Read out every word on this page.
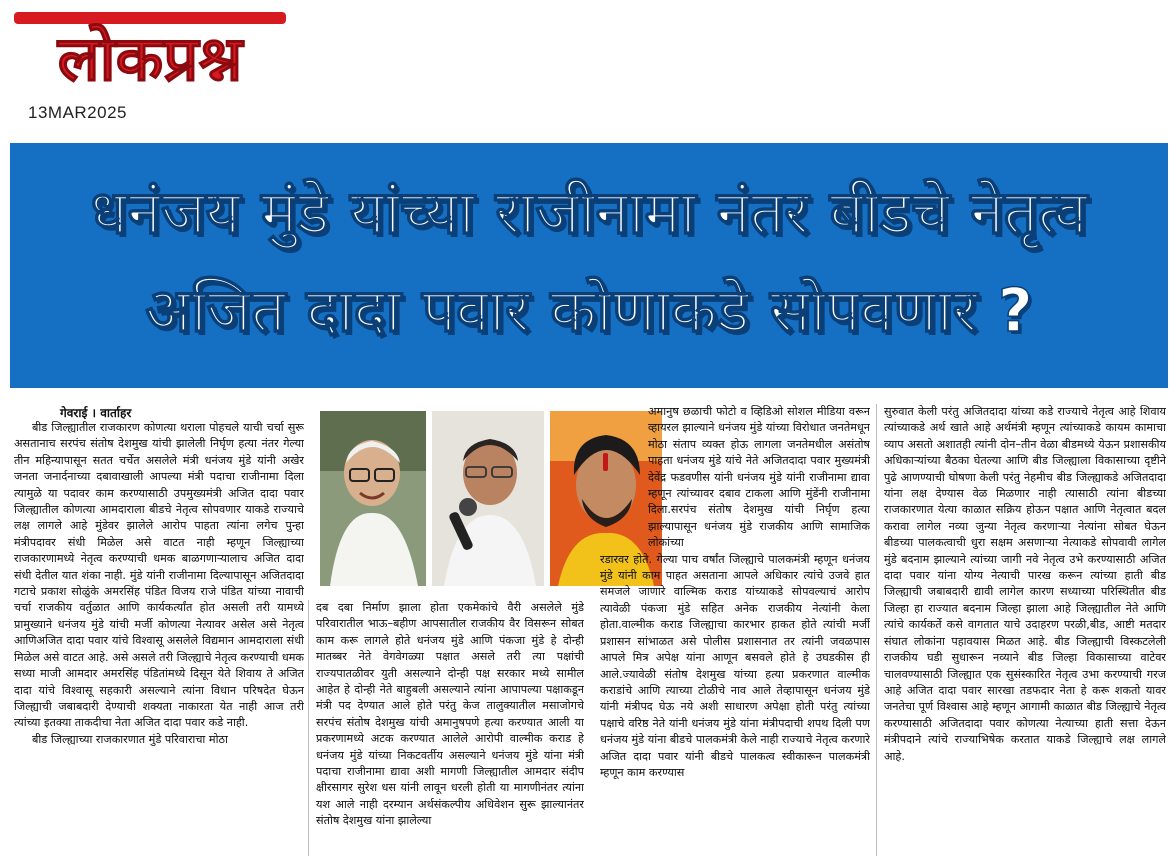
लोकप्रश्न
13MAR2025
धनंजय मुंडे यांच्या राजीनामा नंतर बीडचे नेतृत्व
अजित दादा पवार कोणाकडे सोपवणार ?
गेवराई । वार्ताहर

बीड जिल्ह्यातील राजकारण कोणत्या थराला पोहचले याची चर्चा सुरू असतानाच सरपंच संतोष देशमुख यांची झालेली निर्घृण हत्या नंतर गेल्या तीन महिन्यापासून सतत चर्चेत असलेले मंत्री धनंजय मुंडे यांनी अखेर जनता जनार्दनाच्या दबावाखाली आपल्या मंत्री पदाचा राजीनामा दिला त्यामुळे या पदावर काम करण्यासाठी उपमुख्यमंत्री अजित दादा पवार जिल्ह्यातील कोणत्या आमदाराला बीडचे नेतृत्व सोपवणार याकडे राज्याचे लक्ष लागले आहे मुंडेवर झालेले आरोप पाहता त्यांना लगेच पुन्हा मंत्रीपदावर संधी मिळेल असे वाटत नाही म्हणून जिल्ह्याच्या राजकारणामध्ये नेतृत्व करण्याची धमक बाळगणाऱ्यालाच अजित दादा संधी देतील यात शंका नाही. मुंडे यांनी राजीनामा दिल्यापासून अजितदादा गटाचे प्रकाश सोळुंके अमरसिंह पंडित विजय राजे पंडित यांच्या नावाची चर्चा राजकीय वर्तुळात आणि कार्यकर्त्यांत होत असली तरी यामध्ये प्रामुख्याने धनंजय मुंडे यांची मर्जी कोणत्या नेत्यावर असेल असे नेतृत्व आणिअजित दादा पवार यांचे विश्वासू असलेले विद्यमान आमदाराला संधी मिळेल असे वाटत आहे. असे असले तरी जिल्ह्याचे नेतृत्व करण्याची धमक सध्या माजी आमदार अमरसिंह पंडितांमध्ये दिसून येते शिवाय ते अजित दादा यांचे विश्वासू सहकारी असल्याने त्यांना विधान परिषदेत घेऊन जिल्ह्याची जबाबदारी देण्याची शक्यता नाकारता येत नाही आज तरी त्यांच्या इतक्या ताकदीचा नेता अजित दादा पवार कडे नाही.

बीड जिल्ह्याच्या राजकारणात मुंडे परिवाराचा मोठा

दब दबा निर्माण झाला होता एकमेकांचे वैरी असलेले मुंडे परिवारातील भाऊ–बहीण आपसातील राजकीय वैर विसरून सोबत काम करू लागले होते धनंजय मुंडे आणि पंकजा मुंडे हे दोन्ही मातब्बर नेते वेगवेगळ्या पक्षात असले तरी त्या पक्षांची राज्यपातळीवर युती असल्याने दोन्ही पक्ष सरकार मध्ये सामील आहेत हे दोन्ही नेते बाहुबली असल्याने त्यांना आपापल्या पक्षाकडून मंत्री पद देण्यात आले होते परंतु केज तालुक्यातील मसाजोगचे सरपंच संतोष देशमुख यांची अमानुषपणे हत्या करण्यात आली या प्रकरणामध्ये अटक करण्यात आलेले आरोपी वाल्मीक कराड हे धनंजय मुंडे यांच्या निकटवर्तीय असल्याने धनंजय मुंडे यांना मंत्री पदाचा राजीनामा द्यावा अशी मागणी जिल्ह्यातील आमदार संदीप क्षीरसागर सुरेश धस यांनी लावून धरली होती या मागणीनंतर त्यांना यश आले नाही दरम्यान अर्थसंकल्पीय अधिवेशन सुरू झाल्यानंतर संतोष देशमुख यांना झालेल्या

अमानुष छळाची फोटो व व्हिडिओ सोशल मीडिया वरून व्हायरल झाल्याने धनंजय मुंडे यांच्या विरोधात जनतेमधून मोठा संताप व्यक्त होऊ लागला जनतेमधील असंतोष पाहता धनंजय मुंडे यांचे नेते अजितदादा पवार मुख्यमंत्री देवेंद्र फडवणीस यांनी धनंजय मुंडे यांनी राजीनामा द्यावा म्हणून त्यांच्यावर दबाव टाकला आणि मुंडेंनी राजीनामा दिला.सरपंच संतोष देशमुख यांची निर्घृण हत्या झाल्यापासून धनंजय मुंडे राजकीय आणि सामाजिक लोकांच्या

रडारवर होते. गेल्या पाच वर्षांत जिल्ह्याचे पालकमंत्री म्हणून धनंजय मुंडे यांनी काम पाहत असताना आपले अधिकार त्यांचे उजवे हात समजले जाणारे वाल्मिक कराड यांच्याकडे सोपवल्याचं आरोप त्यावेळी पंकजा मुंडे सहित अनेक राजकीय नेत्यांनी केला होता.वाल्मीक कराड जिल्ह्याचा कारभार हाकत होते त्यांची मर्जी प्रशासन सांभाळत असे पोलीस प्रशासनात तर त्यांनी जवळपास आपले मित्र अपेक्ष यांना आणून बसवले होते हे उघडकीस ही आले.ज्यावेळी संतोष देशमुख यांच्या हत्या प्रकरणात वाल्मीक कराडांचे आणि त्याच्या टोळीचे नाव आले तेव्हापासून धनंजय मुंडे यांनी मंत्रीपद घेऊ नये अशी साधारण अपेक्षा होती परंतु त्यांच्या पक्षाचे वरिष्ठ नेते यांनी धनंजय मुंडे यांना मंत्रीपदाची शपथ दिली पण धनंजय मुंडे यांना बीडचे पालकमंत्री केले नाही राज्याचे नेतृत्व करणारे अजित दादा पवार यांनी बीडचे पालकत्व स्वीकारून पालकमंत्री म्हणून काम करण्यास

सुरुवात केली परंतु अजितदादा यांच्या कडे राज्याचे नेतृत्व आहे शिवाय त्यांच्याकडे अर्थ खाते आहे अर्थमंत्री म्हणून त्यांच्याकडे कायम कामाचा व्याप असतो अशातही त्यांनी दोन–तीन वेळा बीडमध्ये येऊन प्रशासकीय अधिकाऱ्यांच्या बैठका घेतल्या आणि बीड जिल्ह्याला विकासाच्या दृष्टीने पुढे आणण्याची घोषणा केली परंतु नेहमीच बीड जिल्ह्याकडे अजितदादा यांना लक्ष देण्यास वेळ मिळणार नाही त्यासाठी त्यांना बीडच्या राजकारणात येत्या काळात सक्रिय होऊन पक्षात आणि नेतृत्वात बदल करावा लागेल नव्या जुन्या नेतृत्व करणाऱ्या नेत्यांना सोबत घेऊन बीडच्या पालकत्वाची धुरा सक्षम असणाऱ्या नेत्याकडे सोपवावी लागेल मुंडे बदनाम झाल्याने त्यांच्या जागी नवे नेतृत्व उभे करण्यासाठी अजित दादा पवार यांना योग्य नेत्याची पारख करून त्यांच्या हाती बीड जिल्ह्याची जबाबदारी द्यावी लागेल कारण सध्याच्या परिस्थितीत बीड जिल्हा हा राज्यात बदनाम जिल्हा झाला आहे जिल्ह्यातील नेते आणि त्यांचे कार्यकर्ते कसे वागतात याचे उदाहरण परळी,बीड, आष्टी मतदार संघात लोकांना पहावयास मिळत आहे. बीड जिल्ह्याची विस्कटलेली राजकीय घडी सुधारून नव्याने बीड जिल्हा विकासाच्या वाटेवर चालवण्यासाठी जिल्ह्यात एक सुसंस्कारित नेतृत्व उभा करण्याची गरज आहे अजित दादा पवार सारखा तडफदार नेता हे करू शकतो यावर जनतेचा पूर्ण विश्वास आहे म्हणून आगामी काळात बीड जिल्ह्याचे नेतृत्व करण्यासाठी अजितदादा पवार कोणत्या नेत्याच्या हाती सत्ता देऊन मंत्रीपदाने त्यांचे राज्याभिषेक करतात याकडे जिल्ह्याचे लक्ष लागले आहे.
